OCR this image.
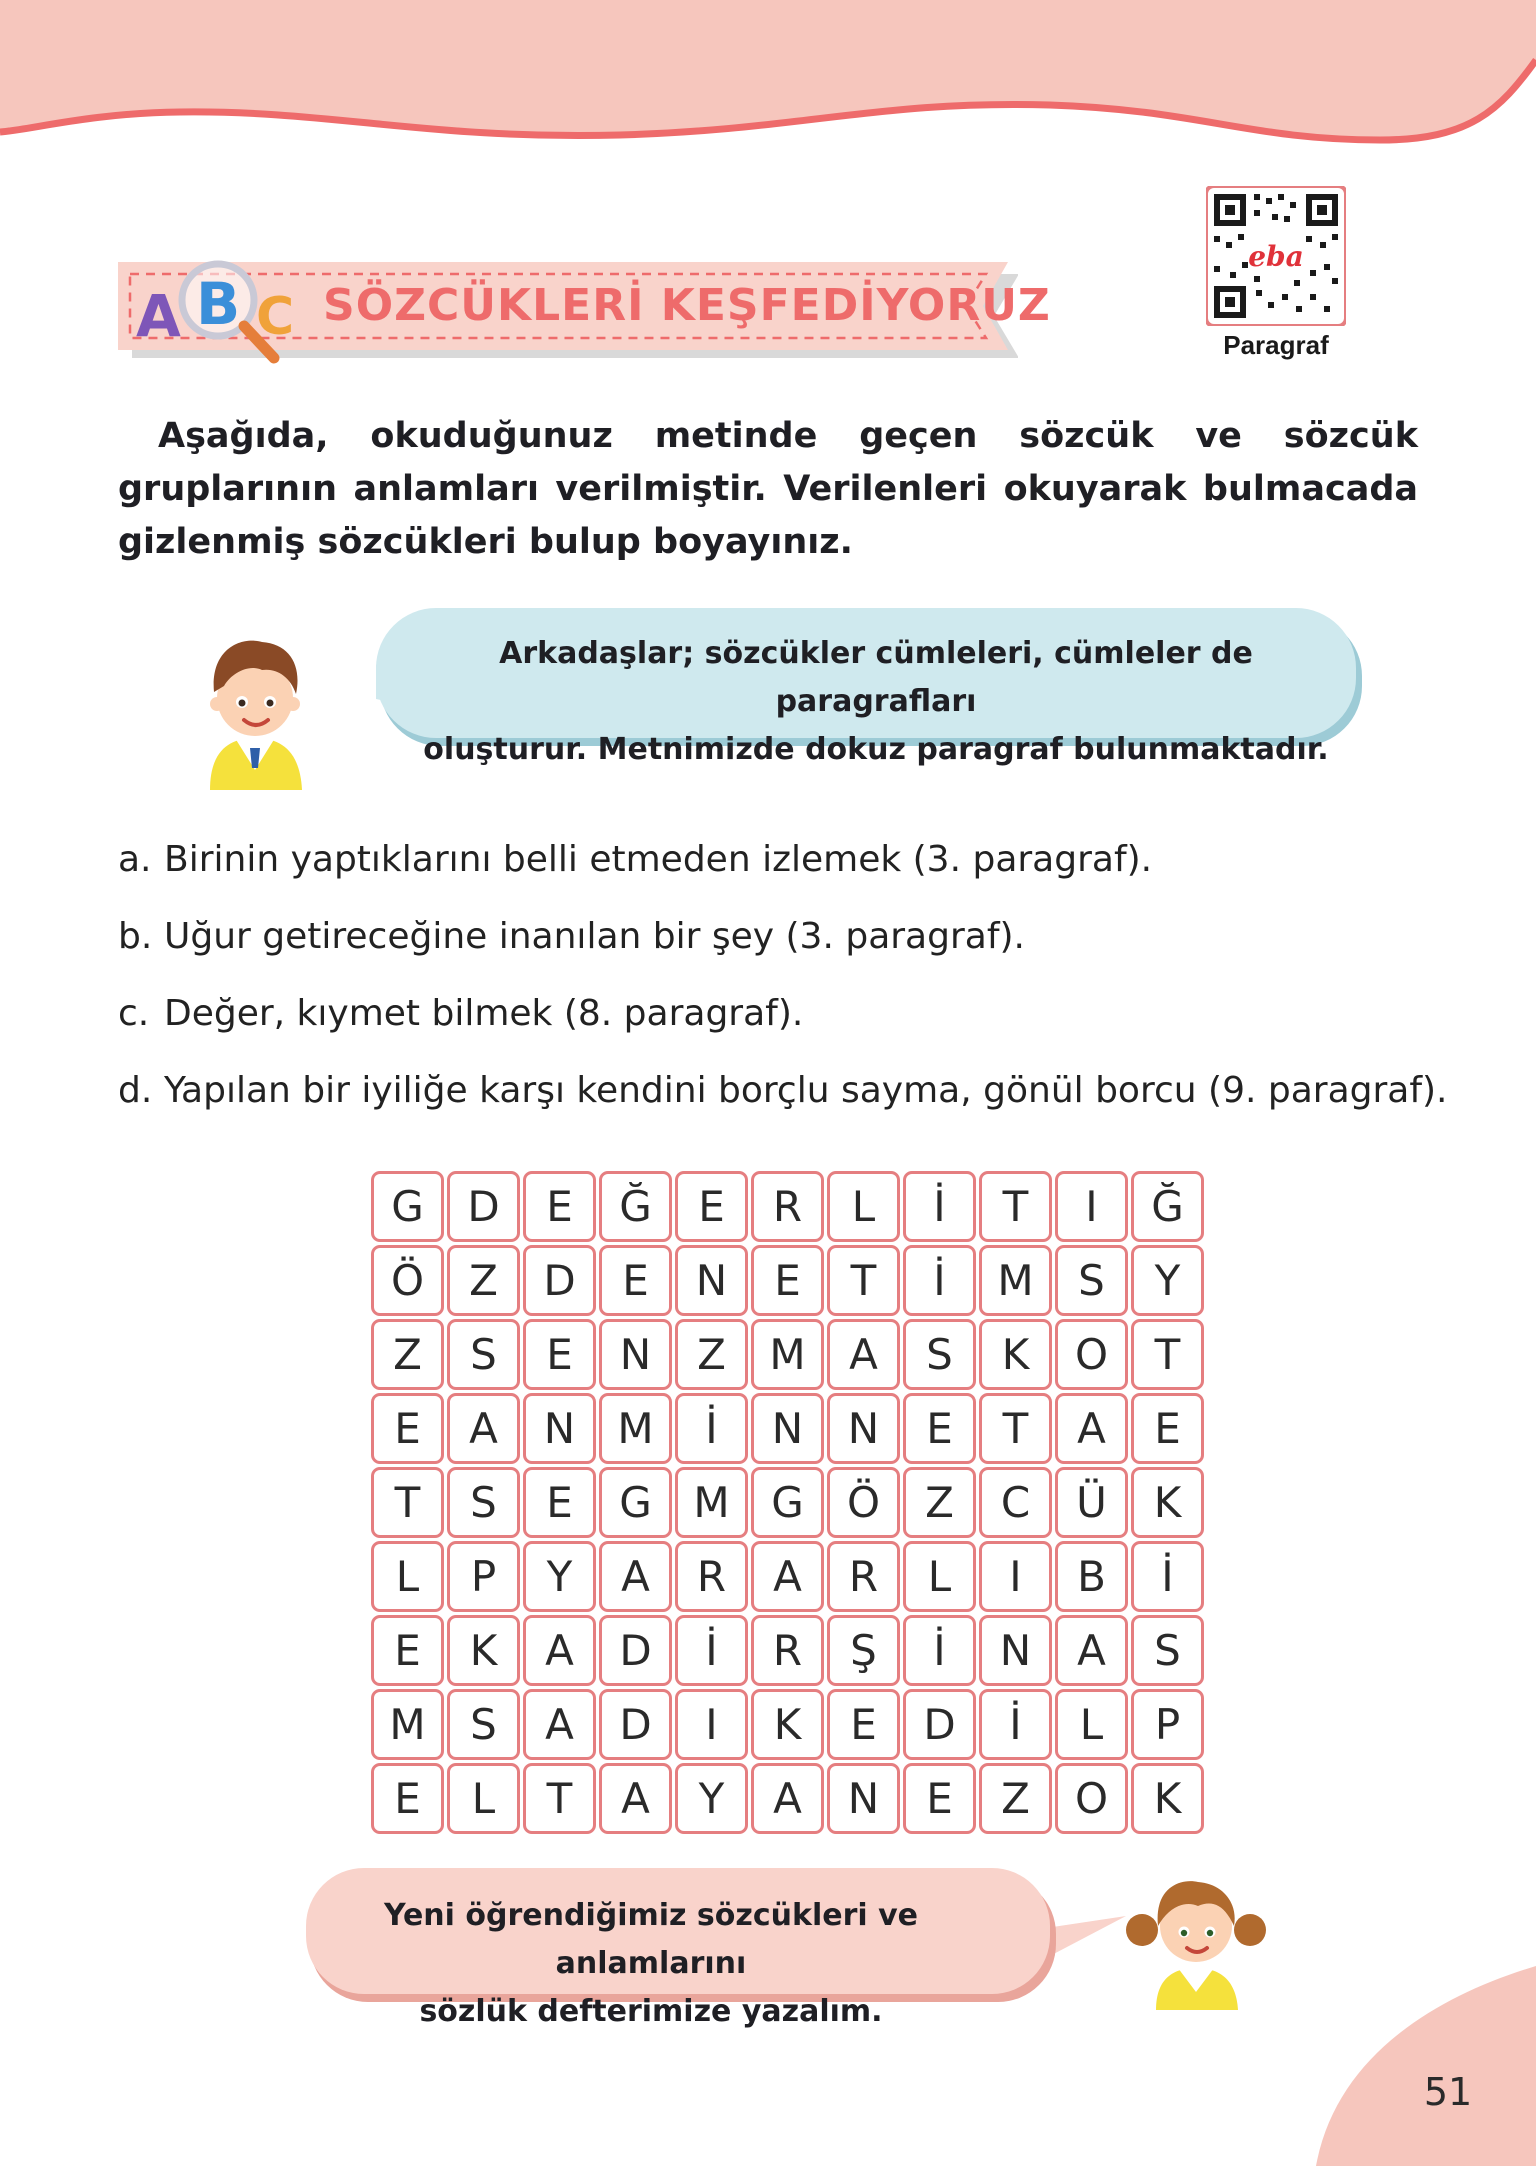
A B C SÖZCÜKLERİ KEŞFEDİYORUZ
eba
Paragraf
Aşağıda, okuduğunuz metinde geçen sözcük ve sözcük gruplarının anlamları verilmiştir. Verilenleri okuyarak bulmacada gizlenmiş sözcükleri bulup boyayınız.
Arkadaşlar; sözcükler cümleleri, cümleler de paragrafları
oluşturur. Metnimizde dokuz paragraf bulunmaktadır.
a. Birinin yaptıklarını belli etmeden izlemek (3. paragraf).
b. Uğur getireceğine inanılan bir şey (3. paragraf).
c. Değer, kıymet bilmek (8. paragraf).
d. Yapılan bir iyiliğe karşı kendini borçlu sayma, gönül borcu (9. paragraf).
G	D	E	Ğ	E	R	L	İ	T	I	Ğ
Ö	Z	D	E	N	E	T	İ	M	S	Y
Z	S	E	N	Z	M	A	S	K	O	T
E	A	N	M	İ	N	N	E	T	A	E
T	S	E	G	M	G	Ö	Z	C	Ü	K
L	P	Y	A	R	A	R	L	I	B	İ
E	K	A	D	İ	R	Ş	İ	N	A	S
M	S	A	D	I	K	E	D	İ	L	P
E	L	T	A	Y	A	N	E	Z	O	K
Yeni öğrendiğimiz sözcükleri ve anlamlarını
sözlük defterimize yazalım.
51
